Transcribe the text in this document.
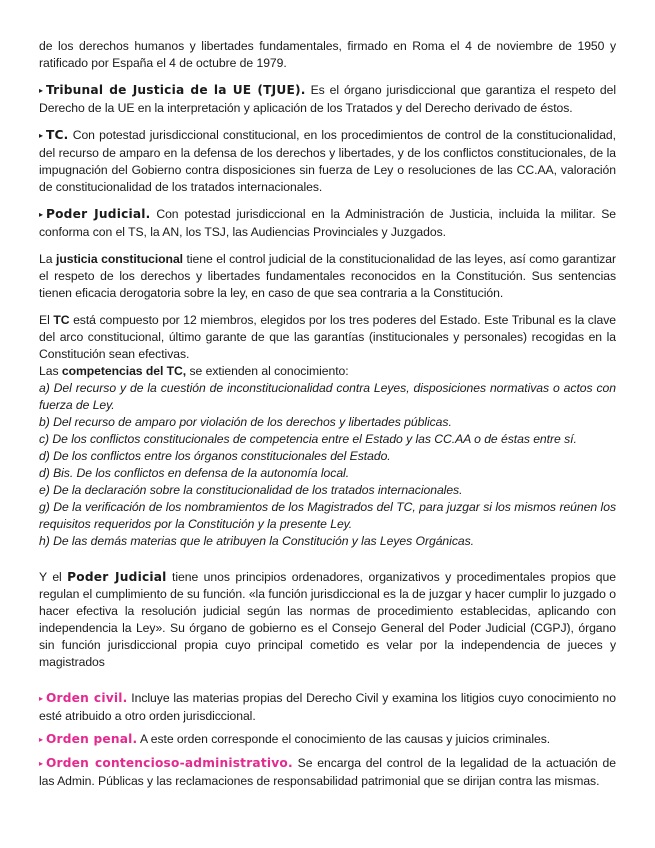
de los derechos humanos y libertades fundamentales, firmado en Roma el 4 de noviembre de 1950 y ratificado por España el 4 de octubre de 1979.

▸ Tribunal de Justicia de la UE (TJUE). Es el órgano jurisdiccional que garantiza el respeto del Derecho de la UE en la interpretación y aplicación de los Tratados y del Derecho derivado de éstos.

▸ TC. Con potestad jurisdiccional constitucional, en los procedimientos de control de la constitucionalidad, del recurso de amparo en la defensa de los derechos y libertades, y de los conflictos constitucionales, de la impugnación del Gobierno contra disposiciones sin fuerza de Ley o resoluciones de las CC.AA, valoración de constitucionalidad de los tratados internacionales.

▸ Poder Judicial. Con potestad jurisdiccional en la Administración de Justicia, incluida la militar. Se conforma con el TS, la AN, los TSJ, las Audiencias Provinciales y Juzgados.

La justicia constitucional tiene el control judicial de la constitucionalidad de las leyes, así como garantizar el respeto de los derechos y libertades fundamentales reconocidos en la Constitución. Sus sentencias tienen eficacia derogatoria sobre la ley, en caso de que sea contraria a la Constitución.

El TC está compuesto por 12 miembros, elegidos por los tres poderes del Estado. Este Tribunal es la clave del arco constitucional, último garante de que las garantías (institucionales y personales) recogidas en la Constitución sean efectivas.

Las competencias del TC, se extienden al conocimiento:

a) Del recurso y de la cuestión de inconstitucionalidad contra Leyes, disposiciones normativas o actos con fuerza de Ley.

b) Del recurso de amparo por violación de los derechos y libertades públicas.

c) De los conflictos constitucionales de competencia entre el Estado y las CC.AA o de éstas entre sí.

d) De los conflictos entre los órganos constitucionales del Estado.

d) Bis. De los conflictos en defensa de la autonomía local.

e) De la declaración sobre la constitucionalidad de los tratados internacionales.

g) De la verificación de los nombramientos de los Magistrados del TC, para juzgar si los mismos reúnen los requisitos requeridos por la Constitución y la presente Ley.

h) De las demás materias que le atribuyen la Constitución y las Leyes Orgánicas.

Y el Poder Judicial tiene unos principios ordenadores, organizativos y procedimentales propios que regulan el cumplimiento de su función. «la función jurisdiccional es la de juzgar y hacer cumplir lo juzgado o hacer efectiva la resolución judicial según las normas de procedimiento establecidas, aplicando con independencia la Ley». Su órgano de gobierno es el Consejo General del Poder Judicial (CGPJ), órgano sin función jurisdiccional propia cuyo principal cometido es velar por la independencia de jueces y magistrados

▸ Orden civil. Incluye las materias propias del Derecho Civil y examina los litigios cuyo conocimiento no esté atribuido a otro orden jurisdiccional.

▸ Orden penal. A este orden corresponde el conocimiento de las causas y juicios criminales.

▸ Orden contencioso-administrativo. Se encarga del control de la legalidad de la actuación de las Admin. Públicas y las reclamaciones de responsabilidad patrimonial que se dirijan contra las mismas.
